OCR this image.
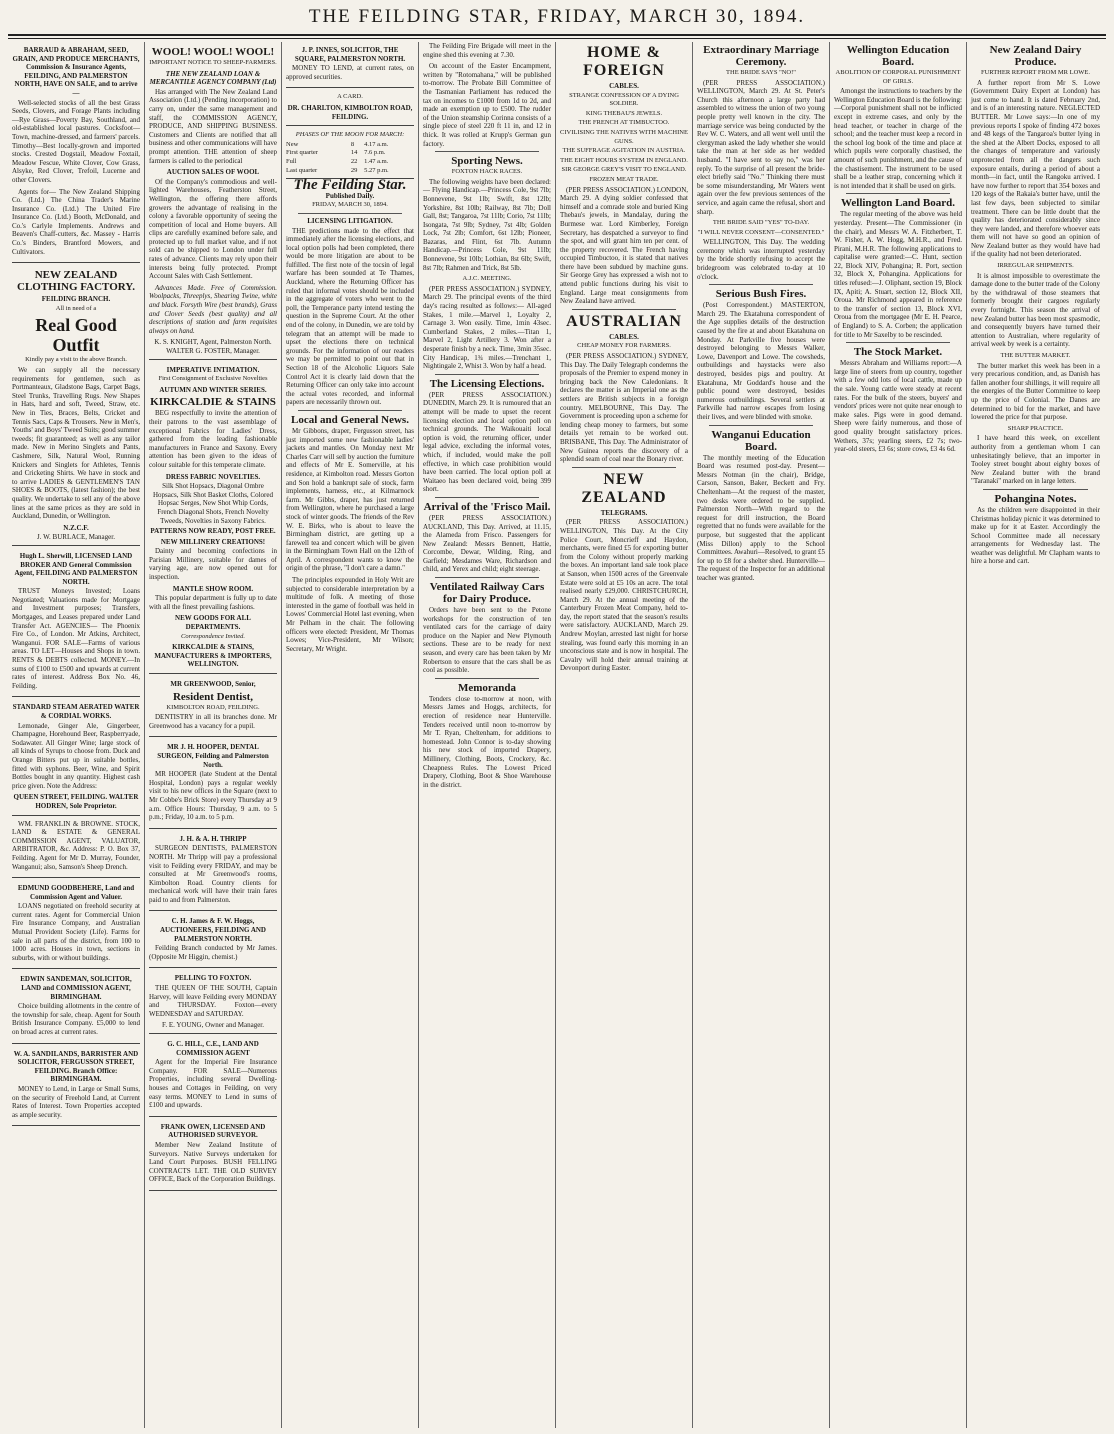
THE FEILDING STAR, FRIDAY, MARCH 30, 1894.
BARRAUD & ABRAHAM, SEED, GRAIN, AND PRODUCE MERCHANTS, Commission & Insurance Agents, FEILDING, AND PALMERSTON NORTH, HAVE ON SALE, and to arrive—

Well-selected stocks of all the best Grass Seeds, Clovers, and Forage Plants including—Rye Grass—Poverty Bay, Southland, and old-established local pastures. Cocksfoot—Town, machine-dressed, and farmers' parcels. Timothy—Best locally-grown and imported stocks. Crested Dogstail, Meadow Foxtail, Meadow Fescue, White Clover, Cow Grass, Alsyke, Red Clover, Trefoil, Lucerne and other Clovers.

Agents for— The New Zealand Shipping Co. (Ltd.) The China Trader's Marine Insurance Co. (Ltd.) The United Fire Insurance Co. (Ltd.) Booth, McDonald, and Co.'s Carlyle Implements. Andrews and Beaven's Chaff-cutters, &c. Massey - Harris Co.'s Binders, Brantford Mowers, and Cultivators.

NEW ZEALAND CLOTHING FACTORY.
FEILDING BRANCH.
All in need of a
Real Good Outfit
Kindly pay a visit to the above Branch.

We can supply all the necessary requirements for gentlemen, such as Portmanteaux, Gladstone Bags, Carpet Bags, Steel Trunks, Travelling Rugs. New Shapes in Hats, hard and soft, Tweed, Straw, etc. New in Ties, Braces, Belts, Cricket and Tennis Sacs, Caps & Trousers. New in Men's, Youths' and Boys' Tweed Suits; good summer tweeds; fit guaranteed; as well as any tailor made. New in Merino Singlets and Pants, Cashmere, Silk, Natural Wool, Running Knickers and Singlets for Athletes, Tennis and Cricketing Shirts. We have in stock and to arrive LADIES & GENTLEMEN'S TAN SHOES & BOOTS, (latest fashion); the best quality. We undertake to sell any of the above lines at the same prices as they are sold in Auckland, Dunedin, or Wellington.

N.Z.C.F.
J. W. BURLACE, Manager.
Hugh L. Sherwill, LICENSED LAND BROKER AND General Commission Agent, FEILDING AND PALMERSTON NORTH.

TRUST Moneys Invested; Loans Negotiated; Valuations made for Mortgage and Investment purposes; Transfers, Mortgages, and Leases prepared under Land Transfer Act. AGENCIES— The Phoenix Fire Co., of London. Mr Atkins, Architect, Wanganui. FOR SALE—Farms of various areas. TO LET—Houses and Shops in town. RENTS & DEBTS collected. MONEY.—In sums of £100 to £500 and upwards at current rates of interest. Address Box No. 46, Feilding.

STANDARD STEAM AERATED WATER & CORDIAL WORKS.

Lemonade, Ginger Ale, Gingerbeer, Champagne, Horehound Beer, Raspberryade, Sodawater. All Ginger Wine; large stock of all kinds of Syrups to choose from. Duck and Orange Bitters put up in suitable bottles, fitted with syphons. Beer, Wine, and Spirit Bottles bought in any quantity. Highest cash price given. Note the Address:

QUEEN STREET, FEILDING. WALTER HODREN, Sole Proprietor.

WM. FRANKLIN & BROWNE. STOCK, LAND & ESTATE & GENERAL COMMISSION AGENT, VALUATOR, ARBITRATOR, &c. Address: P. O. Box 37, Feilding. Agent for Mr D. Murray, Founder, Wanganui; also, Samson's Sheep Drench.

EDMUND GOODBEHERE, Land and Commission Agent and Valuer.

LOANS negotiated on freehold security at current rates. Agent for Commercial Union Fire Insurance Company, and Australian Mutual Provident Society (Life). Farms for sale in all parts of the district, from 100 to 1000 acres. Houses in town, sections in suburbs, with or without buildings.

EDWIN SANDEMAN, SOLICITOR, LAND and COMMISSION AGENT, BIRMINGHAM.

Choice building allotments in the centre of the township for sale, cheap. Agent for South British Insurance Company. £5,000 to lend on broad acres at current rates.

W. A. SANDILANDS, BARRISTER AND SOLICITOR, FERGUSSON STREET, FEILDING. Branch Office: BIRMINGHAM.

MONEY to Lend, in Large or Small Sums, on the security of Freehold Land, at Current Rates of Interest. Town Properties accepted as ample security.

WOOL! WOOL! WOOL!
IMPORTANT NOTICE TO SHEEP-FARMERS.
THE NEW ZEALAND LOAN & MERCANTILE AGENCY COMPANY (Ltd)

Has arranged with The New Zealand Land Association (Ltd.) (Pending incorporation) to carry on, under the same management and staff, the COMMISSION AGENCY, PRODUCE, AND SHIPPING BUSINESS. Customers and Clients are notified that all business and other communications will have prompt attention. THE attention of sheep farmers is called to the periodical

AUCTION SALES OF WOOL

Of the Company's commodious and well-lighted Warehouses, Featherston Street, Wellington, the offering there affords growers the advantage of realising in the colony a favorable opportunity of seeing the competition of local and Home buyers. All clips are carefully examined before sale, and protected up to full market value, and if not sold can be shipped to London under full rates of advance. Clients may rely upon their interests being fully protected. Prompt Account Sales with Cash Settlement.

Advances Made. Free of Commission. Woolpacks, Threeplys, Shearing Twine, white and black. Forsyth Wire (best brands), Grass and Clover Seeds (best quality) and all descriptions of station and farm requisites always on hand.

K. S. KNIGHT, Agent, Palmerston North. WALTER G. FOSTER, Manager.
IMPERATIVE INTIMATION.
First Consignment of Exclusive Novelties
AUTUMN AND WINTER SERIES.
KIRKCALDIE & STAINS

BEG respectfully to invite the attention of their patrons to the vast assemblage of exceptional Fabrics for Ladies' Dress, gathered from the leading fashionable manufacturers in France and Saxony. Every attention has been given to the ideas of colour suitable for this temperate climate.

DRESS FABRIC NOVELTIES.
Silk Shot Hopsacs, Diagonal Ombre Hopsacs, Silk Shot Basket Cloths, Colored Hopsac Serges, New Shot Whip Cords, French Diagonal Shots, French Novelty Tweeds, Novelties in Saxony Fabrics.
PATTERNS NOW READY, POST FREE.
NEW MILLINERY CREATIONS!

Dainty and becoming confections in Parisian Millinery, suitable for dames of varying age, are now opened out for inspection.

MANTLE SHOW ROOM.

This popular department is fully up to date with all the finest prevailing fashions.

NEW GOODS FOR ALL DEPARTMENTS.
Correspondence Invited.
KIRKCALDIE & STAINS, MANUFACTURERS & IMPORTERS, WELLINGTON.
MR GREENWOOD, Senior,
Resident Dentist,
KIMBOLTON ROAD, FEILDING.

DENTISTRY in all its branches done. Mr Greenwood has a vacancy for a pupil.

MR J. H. HOOPER, DENTAL SURGEON, Feilding and Palmerston North.

MR HOOPER (late Student at the Dental Hospital, London) pays a regular weekly visit to his new offices in the Square (next to Mr Cobbe's Brick Store) every Thursday at 9 a.m. Office Hours: Thursday, 9 a.m. to 5 p.m.; Friday, 10 a.m. to 5 p.m.

J. H. & A. H. THRIPP

SURGEON DENTISTS, PALMERSTON NORTH. Mr Thripp will pay a professional visit to Feilding every FRIDAY, and may be consulted at Mr Greenwood's rooms, Kimbolton Road. Country clients for mechanical work will have their train fares paid to and from Palmerston.

C. H. James & F. W. Hoggs, AUCTIONEERS, FEILDING AND PALMERSTON NORTH.

Feilding Branch conducted by Mr James. (Opposite Mr Higgin, chemist.)

PELLING TO FOXTON.

THE QUEEN OF THE SOUTH, Captain Harvey, will leave Feilding every MONDAY and THURSDAY. Foxton—every WEDNESDAY and SATURDAY.

F. E. YOUNG, Owner and Manager.
G. C. HILL, C.E., LAND AND COMMISSION AGENT

Agent for the Imperial Fire Insurance Company. FOR SALE—Numerous Properties, including several Dwelling-houses and Cottages in Feilding, on very easy terms. MONEY to Lend in sums of £100 and upwards.

FRANK OWEN, LICENSED AND AUTHORISED SURVEYOR.

Member New Zealand Institute of Surveyors. Native Surveys undertaken for Land Court Purposes. BUSH FELLING CONTRACTS LET. THE OLD SURVEY OFFICE, Back of the Corporation Buildings.

J. P. INNES, SOLICITOR, THE SQUARE, PALMERSTON NORTH.

MONEY TO LEND, at current rates, on approved securities.

A CARD.
DR. CHARLTON, KIMBOLTON ROAD, FEILDING.
PHASES OF THE MOON FOR MARCH:
New	8	4.17 a.m.
First quarter	14	7.6 p.m.
Full	22	1.47 a.m.
Last quarter	29	5.27 p.m.
The Feilding Star.
Published Daily.
FRIDAY, MARCH 30, 1894.
LICENSING LITIGATION.

THE predictions made to the effect that immediately after the licensing elections, and local option polls had been completed, there would be more litigation are about to be fulfilled. The first note of the tocsin of legal warfare has been sounded at Te Thames, Auckland, where the Returning Officer has ruled that informal votes should be included in the aggregate of voters who went to the poll, the Temperance party intend testing the question in the Supreme Court. At the other end of the colony, in Dunedin, we are told by telegram that an attempt will be made to upset the elections there on technical grounds. For the information of our readers we may be permitted to point out that in Section 18 of the Alcoholic Liquors Sale Control Act it is clearly laid down that the Returning Officer can only take into account the actual votes recorded, and informal papers are necessarily thrown out.

Local and General News.

Mr Gibbons, draper, Fergusson street, has just imported some new fashionable ladies' jackets and mantles. On Monday next Mr Charles Carr will sell by auction the furniture and effects of Mr E. Somerville, at his residence, at Kimbolton road. Messrs Gorton and Son hold a bankrupt sale of stock, farm implements, harness, etc., at Kilmarnock farm. Mr Gibbs, draper, has just returned from Wellington, where he purchased a large stock of winter goods. The friends of the Rev W. E. Birks, who is about to leave the Birmingham district, are getting up a farewell tea and concert which will be given in the Birmingham Town Hall on the 12th of April. A correspondent wants to know the origin of the phrase, "I don't care a damn."

The principles expounded in Holy Writ are subjected to considerable interpretation by a multitude of folk. A meeting of those interested in the game of football was held in Lowes' Commercial Hotel last evening, when Mr Pelham in the chair. The following officers were elected: President, Mr Thomas Lowes; Vice-President, Mr Wilson; Secretary, Mr Wright.

The Feilding Fire Brigade will meet in the engine shed this evening at 7.30.

On account of the Easter Encampment, written by "Rotomahana," will be published to-morrow. The Probate Bill Committee of the Tasmanian Parliament has reduced the tax on incomes to £1000 from 1d to 2d, and made an exemption up to £500. The rudder of the Union steamship Corinna consists of a single piece of steel 220 ft 11 in, and 12 in thick. It was rolled at Krupp's German gun factory.

Sporting News.
FOXTON HACK RACES.

The following weights have been declared:— Flying Handicap.—Princess Cole, 9st 7lb; Bonnevene, 9st 1lb; Swift, 8st 12lb; Yorkshire, 8st 10lb; Railway, 8st 7lb; Doll Gall, 8st; Tangaroa, 7st 11lb; Corio, 7st 11lb; Isongata, 7st 9lb; Sydney, 7st 4lb; Golden Lock, 7st 2lb; Comfort, 6st 12lb; Pioneer, Bazaras, and Flint, 6st 7lb. Autumn Handicap.—Princess Cole, 9st 11lb; Bonnevene, 9st 10lb; Lothian, 8st 6lb; Swift, 8st 7lb; Rahmen and Trick, 8st 5lb.

A.J.C. MEETING.

(PER PRESS ASSOCIATION.) SYDNEY, March 29. The principal events of the third day's racing resulted as follows:— All-aged Stakes, 1 mile.—Marvel 1, Loyalty 2, Carnage 3. Won easily. Time, 1min 43sec. Cumberland Stakes, 2 miles.—Titan 1, Marvel 2, Light Artillery 3. Won after a desperate finish by a neck. Time, 3min 35sec. City Handicap, 1¾ miles.—Trenchant 1, Nightingale 2, Whist 3. Won by half a head.

The Licensing Elections.

(PER PRESS ASSOCIATION.) DUNEDIN, March 29. It is rumoured that an attempt will be made to upset the recent licensing election and local option poll on technical grounds. The Waikouaiti local option is void, the returning officer, under legal advice, excluding the informal votes, which, if included, would make the poll effective, in which case prohibition would have been carried. The local option poll at Waitaeo has been declared void, being 399 short.

Arrival of the 'Frisco Mail.

(PER PRESS ASSOCIATION.) AUCKLAND, This Day. Arrived, at 11.15, the Alameda from Frisco. Passengers for New Zealand: Messrs Bennett, Hattie, Corcombe, Dewar, Wilding, Ring, and Garfield; Mesdames Ware, Richardson and child, and Yerex and child; eight steerage.

Ventilated Railway Cars for Dairy Produce.

Orders have been sent to the Petone workshops for the construction of ten ventilated cars for the carriage of dairy produce on the Napier and New Plymouth sections. These are to be ready for next season, and every care has been taken by Mr Robertson to ensure that the cars shall be as cool as possible.

Memoranda

Tenders close to-morrow at noon, with Messrs James and Hoggs, architects, for erection of residence near Hunterville. Tenders received until noon to-morrow by Mr T. Ryan, Cheltenham, for additions to homestead. John Connor is to-day showing his new stock of imported Drapery, Millinery, Clothing, Boots, Crockery, &c. Cheapness Rules. The Lowest Priced Drapery, Clothing, Boot & Shoe Warehouse in the district.

HOME & FOREIGN
CABLES.
STRANGE CONFESSION OF A DYING SOLDIER.
KING THEBAU'S JEWELS.
THE FRENCH AT TIMBUCTOO.
CIVILISING THE NATIVES WITH MACHINE GUNS.
THE SUFFRAGE AGITATION IN AUSTRIA.
THE EIGHT HOURS SYSTEM IN ENGLAND.
SIR GEORGE GREY'S VISIT TO ENGLAND.
FROZEN MEAT TRADE.

(PER PRESS ASSOCIATION.) LONDON, March 29. A dying soldier confessed that himself and a comrade stole and buried King Thebau's jewels, in Mandalay, during the Burmese war. Lord Kimberley, Foreign Secretary, has despatched a surveyor to find the spot, and will grant him ten per cent. of the property recovered. The French having occupied Timbuctoo, it is stated that natives there have been subdued by machine guns. Sir George Grey has expressed a wish not to attend public functions during his visit to England. Large meat consignments from New Zealand have arrived.

AUSTRALIAN
CABLES.
CHEAP MONEY FOR FARMERS.

(PER PRESS ASSOCIATION.) SYDNEY, This Day. The Daily Telegraph condemns the proposals of the Premier to expend money in bringing back the New Caledonians. It declares the matter is an Imperial one as the settlers are British subjects in a foreign country. MELBOURNE, This Day. The Government is proceeding upon a scheme for lending cheap money to farmers, but some details yet remain to be worked out. BRISBANE, This Day. The Administrator of New Guinea reports the discovery of a splendid seam of coal near the Bonary river.

NEW ZEALAND
TELEGRAMS.

(PER PRESS ASSOCIATION.) WELLINGTON, This Day. At the City Police Court, Moncrieff and Haydon, merchants, were fined £5 for exporting butter from the Colony without properly marking the boxes. An important land sale took place at Sanson, when 1500 acres of the Greenvale Estate were sold at £5 10s an acre. The total realised nearly £29,000. CHRISTCHURCH, March 29. At the annual meeting of the Canterbury Frozen Meat Company, held to-day, the report stated that the season's results were satisfactory. AUCKLAND, March 29. Andrew Moylan, arrested last night for horse stealing, was found early this morning in an unconscious state and is now in hospital. The Cavalry will hold their annual training at Devonport during Easter.

Extraordinary Marriage Ceremony.
THE BRIDE SAYS "NO!"

(PER PRESS ASSOCIATION.) WELLINGTON, March 29. At St. Peter's Church this afternoon a large party had assembled to witness the union of two young people pretty well known in the city. The marriage service was being conducted by the Rev W. C. Waters, and all went well until the clergyman asked the lady whether she would take the man at her side as her wedded husband. "I have sent to say no," was her reply. To the surprise of all present the bride-elect briefly said "No." Thinking there must be some misunderstanding, Mr Waters went again over the few previous sentences of the service, and again came the refusal, short and sharp.

THE BRIDE SAID "YES" TO-DAY.
"I WILL NEVER CONSENT—CONSENTED."

WELLINGTON, This Day. The wedding ceremony which was interrupted yesterday by the bride shortly refusing to accept the bridegroom was celebrated to-day at 10 o'clock.

Serious Bush Fires.

(Post Correspondent.) MASTERTON, March 29. The Ekatahuna correspondent of the Age supplies details of the destruction caused by the fire at and about Ekatahuna on Monday. At Parkville five houses were destroyed belonging to Messrs Walker, Lowe, Davenport and Lowe. The cowsheds, outbuildings and haystacks were also destroyed, besides pigs and poultry. At Ekatahuna, Mr Goddard's house and the public pound were destroyed, besides numerous outbuildings. Several settlers at Parkville had narrow escapes from losing their lives, and were blinded with smoke.

Wanganui Education Board.

The monthly meeting of the Education Board was resumed post-day. Present—Messrs Notman (in the chair), Bridge, Carson, Sanson, Baker, Beckett and Fry. Cheltenham—At the request of the master, two desks were ordered to be supplied. Palmerston North—With regard to the request for drill instruction, the Board regretted that no funds were available for the purpose, but suggested that the applicant (Miss Dillon) apply to the School Committees. Awahuri—Resolved, to grant £5 for up to £8 for a shelter shed. Hunterville—The request of the Inspector for an additional teacher was granted.

Wellington Education Board.
ABOLITION OF CORPORAL PUNISHMENT OF GIRLS.

Amongst the instructions to teachers by the Wellington Education Board is the following:—Corporal punishment shall not be inflicted except in extreme cases, and only by the head teacher, or teacher in charge of the school; and the teacher must keep a record in the school log book of the time and place at which pupils were corporally chastised, the amount of such punishment, and the cause of the chastisement. The instrument to be used shall be a leather strap, concerning which it is not intended that it shall be used on girls.

Wellington Land Board.

The regular meeting of the above was held yesterday. Present—The Commissioner (in the chair), and Messrs W. A. Fitzherbert, T. W. Fisher, A. W. Hogg, M.H.R., and Fred. Pirani, M.H.R. The following applications to capitalise were granted:—C. Hunt, section 22, Block XIV, Pohangina; R. Port, section 32, Block X, Pohangina. Applications for titles refused:—J. Oliphant, section 19, Block IX, Apiti; A. Stuart, section 12, Block XII, Oroua. Mr Richmond appeared in reference to the transfer of section 13, Block XVI, Oroua from the mortgagee (Mr E. H. Pearce, of England) to S. A. Corben; the application for title to Mr Saxelby to be rescinded.

The Stock Market.

Messrs Abraham and Williams report:—A large line of steers from up country, together with a few odd lots of local cattle, made up the sale. Young cattle were steady at recent rates. For the bulk of the steers, buyers' and vendors' prices were not quite near enough to make sales. Pigs were in good demand. Sheep were fairly numerous, and those of good quality brought satisfactory prices. Wethers, 37s; yearling steers, £2 7s; two-year-old steers, £3 6s; store cows, £3 4s 6d.

New Zealand Dairy Produce.
FURTHER REPORT FROM MR LOWE.

A further report from Mr S. Lowe (Government Dairy Expert at London) has just come to hand. It is dated February 2nd, and is of an interesting nature. NEGLECTED BUTTER. Mr Lowe says:—In one of my previous reports I spoke of finding 472 boxes and 48 kegs of the Tangaroa's butter lying in the shed at the Albert Docks, exposed to all the changes of temperature and variously unprotected from all the dangers such exposure entails, during a period of about a month—in fact, until the Rangoku arrived. I have now further to report that 354 boxes and 120 kegs of the Rakaia's butter have, until the last few days, been subjected to similar treatment. There can be little doubt that the quality has deteriorated considerably since they were landed, and therefore whoever eats them will not have so good an opinion of New Zealand butter as they would have had if the quality had not been deteriorated.

IRREGULAR SHIPMENTS.

It is almost impossible to overestimate the damage done to the butter trade of the Colony by the withdrawal of those steamers that formerly brought their cargoes regularly every fortnight. This season the arrival of new Zealand butter has been most spasmodic, and consequently buyers have turned their attention to Australian, where regularity of arrival week by week is a certainty.

THE BUTTER MARKET.

The butter market this week has been in a very precarious condition, and, as Danish has fallen another four shillings, it will require all the energies of the Butter Committee to keep up the price of Colonial. The Danes are determined to bid for the market, and have lowered the price for that purpose.

SHARP PRACTICE.

I have heard this week, on excellent authority from a gentleman whom I can unhesitatingly believe, that an importer in Tooley street bought about eighty boxes of New Zealand butter with the brand "Taranaki" marked on in large letters.

Pohangina Notes.

As the children were disappointed in their Christmas holiday picnic it was determined to make up for it at Easter. Accordingly the School Committee made all necessary arrangements for Wednesday last. The weather was delightful. Mr Clapham wants to hire a horse and cart.
